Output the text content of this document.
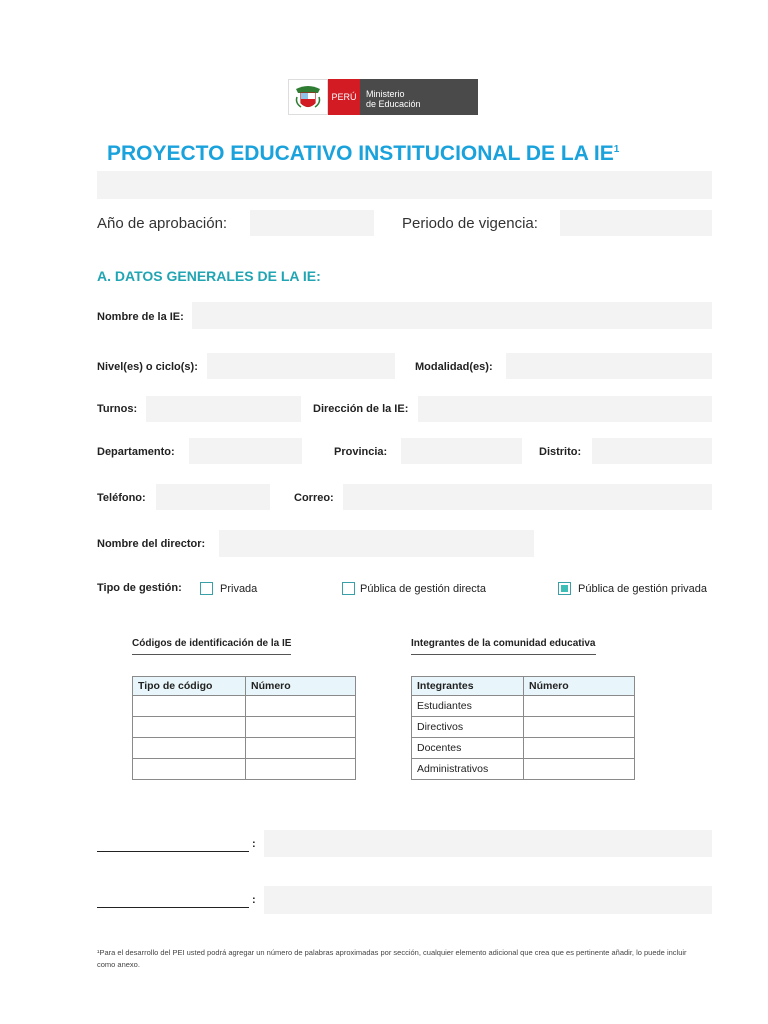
PERÚ	Ministerio
de Educación
PROYECTO EDUCATIVO INSTITUCIONAL DE LA $IE^1$
Año de aprobación:	Periodo de vigencia:
A. DATOS GENERALES DE LA IE:
Nombre de la IE:
Nivel(es) o ciclo(s):	Modalidad(es):
Turnos:	Dirección de la IE:
Departamento:	Provincia:	Distrito:
Teléfono:	Correo:
Nombre del director:
Tipo de gestión:	Privada	Pública de gestión directa	Pública de gestión privada
Códigos de identificación de la IE
Tipo de código	Número

Integrantes de la comunidad educativa
Integrantes	Número
Estudiantes	
Directivos	
Docentes	
Administrativos	
:
:
¹Para el desarrollo del PEI usted podrá agregar un número de palabras aproximadas por sección, cualquier elemento adicional que crea que es pertinente añadir, lo puede incluir como anexo.
